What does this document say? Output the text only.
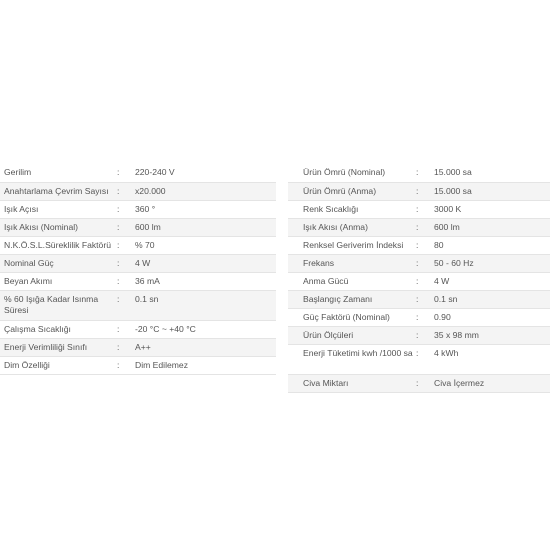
Gerilim	:	220-240 V
Anahtarlama Çevrim Sayısı	:	x20.000
Işık Açısı	:	360 °
Işık Akısı (Nominal)	:	600 lm
N.K.Ö.S.L.Süreklilik Faktörü	:	% 70
Nominal Güç	:	4 W
Beyan Akımı	:	36 mA
% 60 Işığa Kadar Isınma Süresi	:	0.1 sn
Çalışma Sıcaklığı	:	-20 °C ~ +40 °C
Enerji Verimliliği Sınıfı	:	A++
Dim Özelliği	:	Dim Edilemez
Ürün Ömrü (Nominal)	:	15.000 sa
Ürün Ömrü (Anma)	:	15.000 sa
Renk Sıcaklığı	:	3000 K
Işık Akısı (Anma)	:	600 lm
Renksel Geriverim İndeksi	:	80
Frekans	:	50 - 60 Hz
Anma Gücü	:	4 W
Başlangıç Zamanı	:	0.1 sn
Güç Faktörü (Nominal)	:	0.90
Ürün Ölçüleri	:	35 x 98 mm
Enerji Tüketimi kwh /1000 sa	:	4 kWh
Civa Miktarı	:	Civa İçermez
